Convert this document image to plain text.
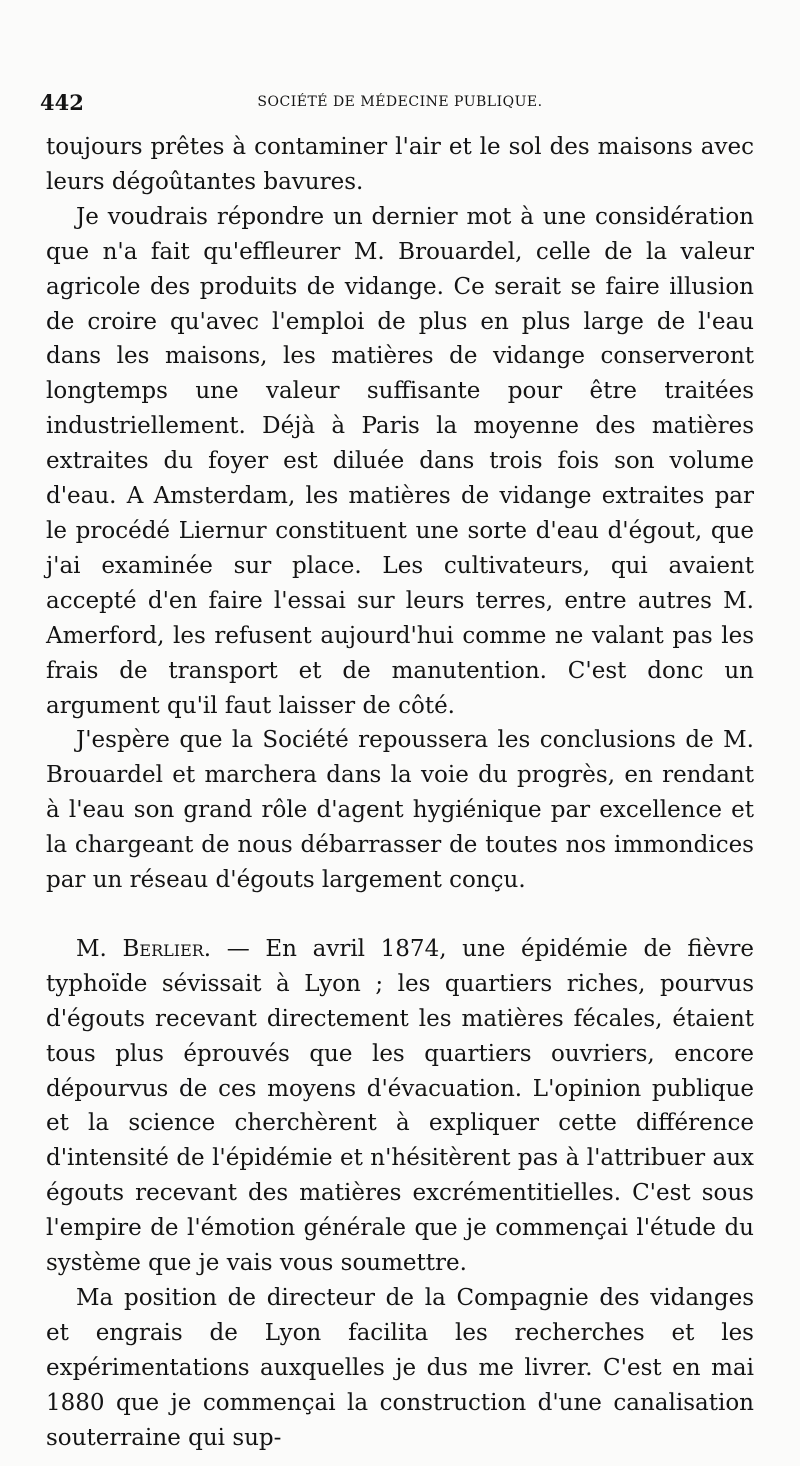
442	SOCIÉTÉ DE MÉDECINE PUBLIQUE.

toujours prêtes à contaminer l'air et le sol des maisons avec leurs dégoûtantes bavures.

Je voudrais répondre un dernier mot à une considération que n'a fait qu'effleurer M. Brouardel, celle de la valeur agricole des produits de vidange. Ce serait se faire illusion de croire qu'avec l'emploi de plus en plus large de l'eau dans les maisons, les matières de vidange conserveront longtemps une valeur suffisante pour être traitées industriellement. Déjà à Paris la moyenne des matières extraites du foyer est diluée dans trois fois son volume d'eau. A Amsterdam, les matières de vidange extraites par le procédé Liernur constituent une sorte d'eau d'égout, que j'ai examinée sur place. Les cultivateurs, qui avaient accepté d'en faire l'essai sur leurs terres, entre autres M. Amerford, les refusent aujourd'hui comme ne valant pas les frais de transport et de manutention. C'est donc un argument qu'il faut laisser de côté.

J'espère que la Société repoussera les conclusions de M. Brouardel et marchera dans la voie du progrès, en rendant à l'eau son grand rôle d'agent hygiénique par excellence et la chargeant de nous débarrasser de toutes nos immondices par un réseau d'égouts largement conçu.

M. Berlier. — En avril 1874, une épidémie de fièvre typhoïde sévissait à Lyon ; les quartiers riches, pourvus d'égouts recevant directement les matières fécales, étaient tous plus éprouvés que les quartiers ouvriers, encore dépourvus de ces moyens d'évacuation. L'opinion publique et la science cherchèrent à expliquer cette différence d'intensité de l'épidémie et n'hésitèrent pas à l'attribuer aux égouts recevant des matières excrémentitielles. C'est sous l'empire de l'émotion générale que je commençai l'étude du système que je vais vous soumettre.

Ma position de directeur de la Compagnie des vidanges et engrais de Lyon facilita les recherches et les expérimentations auxquelles je dus me livrer. C'est en mai 1880 que je commençai la construction d'une canalisation souterraine qui sup-
